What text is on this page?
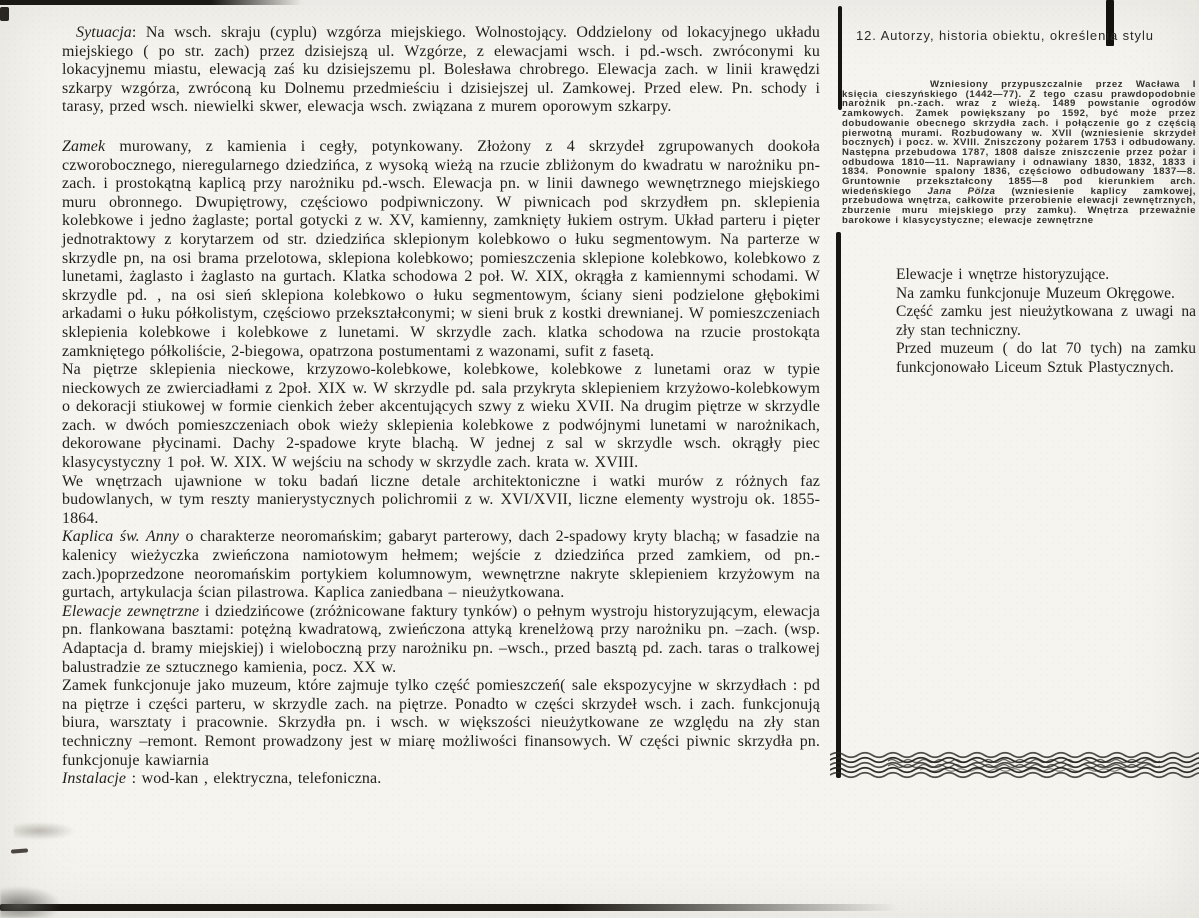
Sytuacja: Na wsch. skraju (cyplu) wzgórza miejskiego. Wolnostojący. Oddzielony od lokacyjnego układu miejskiego ( po str. zach) przez dzisiejszą ul. Wzgórze, z elewacjami wsch. i pd.-wsch. zwróconymi ku lokacyjnemu miastu, elewacją zaś ku dzisiejszemu pl. Bolesława chrobrego. Elewacja zach. w linii krawędzi szkarpy wzgórza, zwróconą ku Dolnemu przedmieściu i dzisiejszej ul. Zamkowej. Przed elew. Pn. schody i tarasy, przed wsch. niewielki skwer, elewacja wsch. związana z murem oporowym szkarpy.

Zamek murowany, z kamienia i cegły, potynkowany. Złożony z 4 skrzydeł zgrupowanych dookoła czworobocznego, nieregularnego dziedzińca, z wysoką wieżą na rzucie zbliżonym do kwadratu w narożniku pn-zach. i prostokątną kaplicą przy narożniku pd.-wsch. Elewacja pn. w linii dawnego wewnętrznego miejskiego muru obronnego. Dwupiętrowy, częściowo podpiwniczony. W piwnicach pod skrzydłem pn. sklepienia kolebkowe i jedno żaglaste; portal gotycki z w. XV, kamienny, zamknięty łukiem ostrym. Układ parteru i pięter jednotraktowy z korytarzem od str. dziedzińca sklepionym kolebkowo o łuku segmentowym. Na parterze w skrzydle pn, na osi brama przelotowa, sklepiona kolebkowo; pomieszczenia sklepione kolebkowo, kolebkowo z lunetami, żaglasto i żaglasto na gurtach. Klatka schodowa 2 poł. W. XIX, okrągła z kamiennymi schodami. W skrzydle pd. , na osi sień sklepiona kolebkowo o łuku segmentowym, ściany sieni podzielone głębokimi arkadami o łuku półkolistym, częściowo przekształconymi; w sieni bruk z kostki drewnianej. W pomieszczeniach sklepienia kolebkowe i kolebkowe z lunetami. W skrzydle zach. klatka schodowa na rzucie prostokąta zamkniętego półkoliście, 2-biegowa, opatrzona postumentami z wazonami, sufit z fasetą.

Na piętrze sklepienia nieckowe, krzyzowo-kolebkowe, kolebkowe, kolebkowe z lunetami oraz w typie nieckowych ze zwierciadłami z 2poł. XIX w. W skrzydle pd. sala przykryta sklepieniem krzyżowo-kolebkowym o dekoracji stiukowej w formie cienkich żeber akcentujących szwy z wieku XVII. Na drugim piętrze w skrzydle zach. w dwóch pomieszczeniach obok wieży sklepienia kolebkowe z podwójnymi lunetami w narożnikach, dekorowane płycinami. Dachy 2-spadowe kryte blachą. W jednej z sal w skrzydle wsch. okrągły piec klasycystyczny 1 poł. W. XIX. W wejściu na schody w skrzydle zach. krata w. XVIII.

We wnętrzach ujawnione w toku badań liczne detale architektoniczne i watki murów z różnych faz budowlanych, w tym reszty manierystycznych polichromii z w. XVI/XVII, liczne elementy wystroju ok. 1855-1864.

Kaplica św. Anny o charakterze neoromańskim; gabaryt parterowy, dach 2-spadowy kryty blachą; w fasadzie na kalenicy wieżyczka zwieńczona namiotowym hełmem; wejście z dziedzińca przed zamkiem, od pn.-zach.)poprzedzone neoromańskim portykiem kolumnowym, wewnętrzne nakryte sklepieniem krzyżowym na gurtach, artykulacja ścian pilastrowa. Kaplica zaniedbana – nieużytkowana.

Elewacje zewnętrzne i dziedzińcowe (zróżnicowane faktury tynków) o pełnym wystroju historyzującym, elewacja pn. flankowana basztami: potężną kwadratową, zwieńczona attyką krenelżową przy narożniku pn. –zach. (wsp. Adaptacja d. bramy miejskiej) i wieloboczną przy narożniku pn. –wsch., przed basztą pd. zach. taras o tralkowej balustradzie ze sztucznego kamienia, pocz. XX w.

Zamek funkcjonuje jako muzeum, które zajmuje tylko część pomieszczeń( sale ekspozycyjne w skrzydłach : pd na piętrze i części parteru, w skrzydle zach. na piętrze. Ponadto w części skrzydeł wsch. i zach. funkcjonują biura, warsztaty i pracownie. Skrzydła pn. i wsch. w większości nieużytkowane ze względu na zły stan techniczny –remont. Remont prowadzony jest w miarę możliwości finansowych. W części piwnic skrzydła pn. funkcjonuje kawiarnia

Instalacje : wod-kan , elektryczna, telefoniczna.

12. Autorzy, historia obiektu, określenia stylu
Wzniesiony przypuszczalnie przez Wacława I księcia cieszyńskiego (1442—77). Z tego czasu prawdopodobnie narożnik pn.-zach. wraz z wieżą. 1489 powstanie ogrodów zamkowych. Zamek powiększany po 1592, być może przez dobudowanie obecnego skrzydła zach. i połączenie go z częścią pierwotną murami. Rozbudowany w. XVII (wzniesienie skrzydeł bocznych) i pocz. w. XVIII. Zniszczony pożarem 1753 i odbudowany. Następna przebudowa 1787, 1808 dalsze zniszczenie przez pożar i odbudowa 1810—11. Naprawiany i odnawiany 1830, 1832, 1833 i 1834. Ponownie spalony 1836, częściowo odbudowany 1837—8. Gruntownie przekształcony 1855—8 pod kierunkiem arch. wiedeńskiego Jana Pölza (wzniesienie kaplicy zamkowej, przebudowa wnętrza, całkowite przerobienie elewacji zewnętrznych, zburzenie muru miejskiego przy zamku). Wnętrza przeważnie barokowe i klasycystyczne; elewacje zewnętrzne

Elewacje i wnętrze historyzujące.

Na zamku funkcjonuje Muzeum Okręgowe.

Część zamku jest nieużytkowana z uwagi na zły stan techniczny.

Przed muzeum ( do lat 70 tych) na zamku funkcjonowało Liceum Sztuk Plastycznych.
